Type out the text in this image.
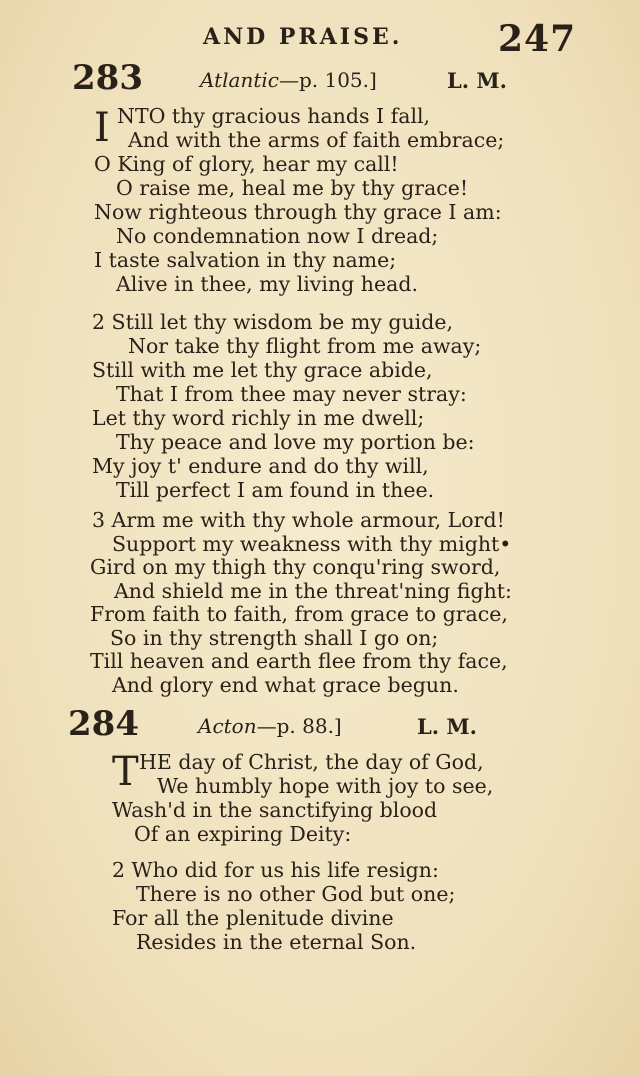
AND PRAISE.	247
283	Atlantic—p. 105.]	L. M.
I NTO thy gracious hands I fall,
And with the arms of faith embrace;
O King of glory, hear my call!
O raise me, heal me by thy grace!
Now righteous through thy grace I am:
No condemnation now I dread;
I taste salvation in thy name;
Alive in thee, my living head.
2 Still let thy wisdom be my guide,
Nor take thy flight from me away;
Still with me let thy grace abide,
That I from thee may never stray:
Let thy word richly in me dwell;
Thy peace and love my portion be:
My joy t' endure and do thy will,
Till perfect I am found in thee.
3 Arm me with thy whole armour, Lord!
Support my weakness with thy might•
Gird on my thigh thy conqu'ring sword,
And shield me in the threat'ning fight:
From faith to faith, from grace to grace,
So in thy strength shall I go on;
Till heaven and earth flee from thy face,
And glory end what grace begun.
284	Acton—p. 88.]	L. M.
T HE day of Christ, the day of God,
We humbly hope with joy to see,
Wash'd in the sanctifying blood
Of an expiring Deity:
2 Who did for us his life resign:
There is no other God but one;
For all the plenitude divine
Resides in the eternal Son.
